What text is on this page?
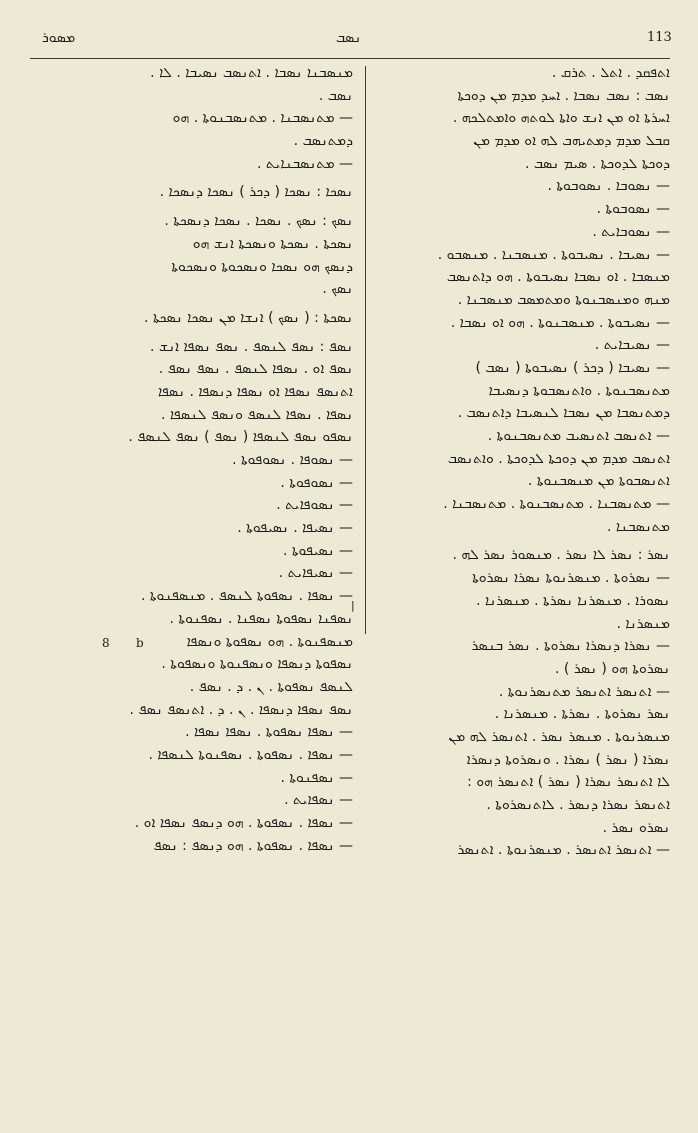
ܡܣܘܪ	ܢܣܒ	113
|
ܐܬܦܩܕ . ܐܬܠ . ܬܪܩ .
ܢܣܒ : ܢܣܒ ܢܣܒܐ . ܐܚܕ ܡܕܡ ܡܢ ܕܘܟܬܐ
ܐܚܪܬܐ ܐܘ ܡܢ ܐܢܫ ܘܐܬܐ ܠܘܬܗ ܘܐܡܬܠܟܗ .
ܩܒܠ ܡܕܡ ܕܡܬܝܗܒ ܠܗ ܐܘ ܡܕܡ ܡܢ
ܕܘܟܬܐ ܠܕܘܟܬܐ . ܣܝܡ ܢܣܒ .
— ܢܣܘܒܐ . ܢܣܘܒܘܬܐ .
— ܢܣܘܒܘܬܐ .
— ܢܣܘܒܐܝܬ .
— ܢܣܝܒܐ . ܢܣܝܒܘܬܐ . ܡܢܣܒܢܐ . ܡܢܣܒܘ .
ܡܢܣܒܐ . ܐܘ ܢܣܒܐ ܢܣܝܒܘܬܐ . ܗܘ ܕܐܬܢܣܒ
ܡܢܗ ܘܡܢܣܒܢܘܬܐ ܘܡܬܡܣܒ ܡܢܣܒܢܐ .
— ܢܣܝܒܘܬܐ . ܡܢܣܒܢܘܬܐ . ܗܘ ܐܘ ܢܣܒܐ .
— ܢܣܝܒܐܝܬ .
— ܢܣܝܒܐ ( ܕܟܪ ) ܢܣܝܒܘܬܐ ( ܢܣܒ )
ܡܬܢܣܒܢܘܬܐ . ܘܐܬܢܣܒܘܬܐ ܕܢܣܝܒܐ
ܕܡܬܢܣܒܐ ܡܢ ܢܣܒܐ ܠܢܣܝܒܐ ܕܐܬܢܣܒ .
— ܐܬܢܣܒ ܐܬܢܣܝܒ ܡܬܢܣܒܢܘܬܐ .
ܐܬܢܣܒ ܡܕܡ ܡܢ ܕܘܟܬܐ ܠܕܘܟܬܐ . ܘܐܬܢܣܒ
ܐܬܢܣܒܘܬܐ ܡܢ ܡܢܣܒܢܘܬܐ .
— ܡܬܢܣܒܢܐ . ܡܬܢܣܒܢܘܬܐ . ܡܬܢܣܒܢܐ .
ܡܬܢܣܒܢܐ .
ܢܣܪ : ܢܣܪ ܠܐ ܢܣܪ . ܡܢܣܘܪ ܢܣܪ ܠܗ .
— ܢܣܪܘܬܐ . ܡܢܣܪܢܘܬܐ ܢܣܪܐ ܢܣܪܘܬܐ
ܢܣܘܪܐ . ܡܢܣܪܢܐ ܢܣܪܬܐ . ܡܢܣܪܢܐ .
ܡܢܣܪܢܐ .
— ܢܣܪܐ ܕܢܣܪܐ ܢܣܪܘܬܐ . ܢܣܪ ܒܢܣܪ
ܢܣܪܘܬܐ ܗܘ ( ܢܣܪ ) .
— ܐܬܢܣܪ ܐܬܢܣܪ ܡܬܢܣܪܢܘܬܐ .
ܢܣܪ ܢܣܪܘܬܐ . ܢܣܪܬܐ . ܡܢܣܪܢܐ .
ܡܢܣܪܢܘܬܐ . ܡܢܣܪ ܢܣܪ . ܐܬܢܣܪ ܠܗ ܡܢ
ܢܣܪܐ ( ܢܣܪ ) ܢܣܪܐ . ܘܢܣܪܘܬܐ ܕܢܣܪܐ
ܠܐ ܐܬܢܣܪ ܢܣܪܐ ( ܢܣܪ ) ܐܬܢܣܪ ܗܘ :
ܐܬܢܣܪ ܢܣܪܐ ܕܢܣܪ . ܠܐܬܢܣܪܘܬܐ .
ܢܣܪܘ ܢܣܪ .
— ܐܬܢܣܪ ܐܬܢܣܪ . ܡܢܣܪܢܘܬܐ . ܐܬܢܣܪ
ܡܢܣܒܢܐ ܢܣܒܐ . ܐܬܢܣܒ ܢܣܝܒܐ . ܠܐ .
ܢܣܒ .
— ܡܬܢܣܒܢܐ . ܡܬܢܣܒܢܘܬܐ . ܗܘ
ܕܡܬܢܣܒ .
— ܡܬܢܣܒܢܐܝܬ .
ܢܣܟܐ : ܢܣܟܐ ( ܕܟܪ ) ܢܣܟܐ ܕܢܣܟܐ .
ܢܣܟ : ܢܣܟ . ܢܣܟܐ . ܢܣܟܐ ܕܢܣܟܬܐ .
ܢܣܟܬܐ . ܢܣܟܬܐ ܘܢܣܟܬܐ ܐܢܫ ܗܘ
ܕܢܣܟ ܗܘ ܢܣܟܐ ܘܢܣܟܘܬܐ ܘܢܣܟܘܬܐ
ܢܣܟ .
ܢܣܟܬܐ : ( ܢܣܟ ) ܐܢܫܐ ܡܢ ܢܣܟܐ ܢܣܟܬܐ .
ܢܣܦ : ܢܣܦ ܠܢܣܦ . ܢܣܦ ܢܣܦܐ ܐܢܫ .
ܢܣܦ ܐܘ . ܢܣܦܐ ܠܢܣܦ . ܢܣܦ ܢܣܦ .
ܐܬܢܣܦ ܢܣܦܐ ܐܘ ܢܣܦܐ ܕܢܣܦܐ . ܢܣܦܐ
ܢܣܦܐ . ܢܣܦܐ ܠܢܣܦ ܘܢܣܦ ܠܢܣܦܐ .
ܢܣܦܘ ܢܣܦ ܠܢܣܦܐ ( ܢܣܦ ) ܢܣܦ ܠܢܣܦ .
— ܢܣܘܦܐ . ܢܣܘܦܘܬܐ .
— ܢܣܘܦܘܬܐ .
— ܢܣܘܦܐܝܬ .
— ܢܣܝܦܐ . ܢܣܝܦܘܬܐ .
— ܢܣܝܦܘܬܐ .
— ܢܣܝܦܐܝܬ .
— ܢܣܦܐ . ܢܣܦܘܬܐ ܠܢܣܦ . ܡܢܣܦܢܘܬܐ .
ܢܣܦܢܐ ܢܣܦܘܬܐ ܢܣܦܢܐ . ܢܣܦܢܘܬܐ .
ܡܢܣܦܢܘܬܐ . ܗܘ ܢܣܦܘܬܐ ܘܢܣܦܐ
ܢܣܦܘܬܐ ܕܢܣܦܐ ܘܢܣܦܢܘܬܐ ܘܢܣܦܘܬܐ .
ܠܢܣܦ ܢܣܦܘܬܐ . ܢ . ܕ . ܢܣܦ .
ܢܣܦ ܢܣܦܐ ܕܢܣܦܐ . ܢ . ܕ . ܐܬܢܣܦ ܢܣܦ .
— ܢܣܦܐ ܢܣܦܘܬܐ . ܢܣܦܐ ܢܣܦܐ .
— ܢܣܦܐ . ܢܣܦܘܬܐ . ܢܣܦܢܘܬܐ ܠܢܣܦܐ .
— ܢܣܦܢܘܬܐ .
— ܢܣܦܐܝܬ .
— ܢܣܦܐ . ܢܣܦܘܬܐ . ܗܘ ܕܢܣܦ ܢܣܦܐ ܐܘ .
— ܢܣܦܐ . ܢܣܦܘܬܐ . ܗܘ ܕܢܣܦ : ܢܣܦ
8 b
